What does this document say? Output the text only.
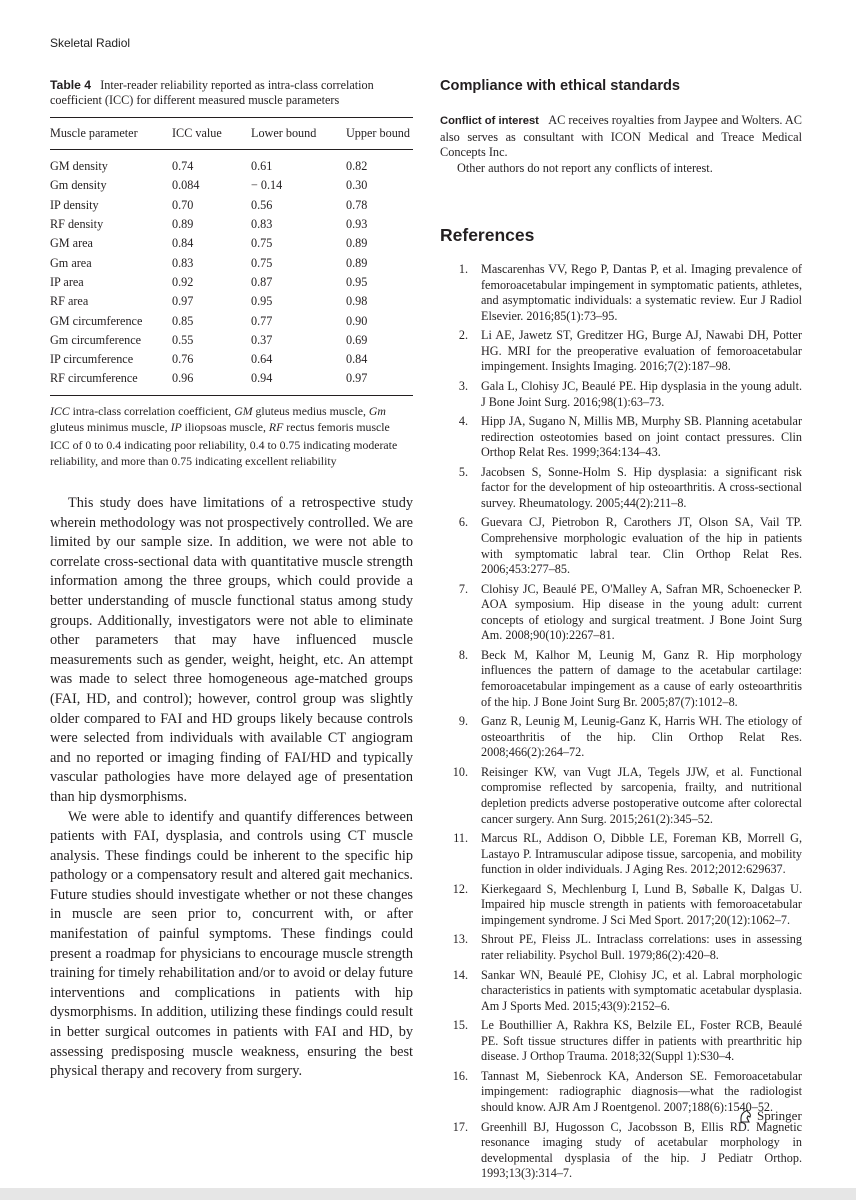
Skeletal Radiol
Table 4 Inter-reader reliability reported as intra-class correlation coefficient (ICC) for different measured muscle parameters
Muscle parameter	ICC value	Lower bound	Upper bound
GM density	0.74	0.61	0.82
Gm density	0.084	− 0.14	0.30
IP density	0.70	0.56	0.78
RF density	0.89	0.83	0.93
GM area	0.84	0.75	0.89
Gm area	0.83	0.75	0.89
IP area	0.92	0.87	0.95
RF area	0.97	0.95	0.98
GM circumference	0.85	0.77	0.90
Gm circumference	0.55	0.37	0.69
IP circumference	0.76	0.64	0.84
RF circumference	0.96	0.94	0.97
ICC intra-class correlation coefficient, GM gluteus medius muscle, Gm gluteus minimus muscle, IP iliopsoas muscle, RF rectus femoris muscle
ICC of 0 to 0.4 indicating poor reliability, 0.4 to 0.75 indicating moderate reliability, and more than 0.75 indicating excellent reliability

This study does have limitations of a retrospective study wherein methodology was not prospectively controlled. We are limited by our sample size. In addition, we were not able to correlate cross-sectional data with quantitative muscle strength information among the three groups, which could provide a better understanding of muscle functional status among study groups. Additionally, investigators were not able to eliminate other parameters that may have influenced muscle measurements such as gender, weight, height, etc. An attempt was made to select three homogeneous age-matched groups (FAI, HD, and control); however, control group was slightly older compared to FAI and HD groups likely because controls were selected from individuals with available CT angiogram and no reported or imaging finding of FAI/HD and typically vascular pathologies have more delayed age of presentation than hip dysmorphisms.

We were able to identify and quantify differences between patients with FAI, dysplasia, and controls using CT muscle analysis. These findings could be inherent to the specific hip pathology or a compensatory result and altered gait mechanics. Future studies should investigate whether or not these changes in muscle are seen prior to, concurrent with, or after manifestation of painful symptoms. These findings could present a roadmap for physicians to encourage muscle strength training for timely rehabilitation and/or to avoid or delay future interventions and complications in patients with hip dysmorphisms. In addition, utilizing these findings could result in better surgical outcomes in patients with FAI and HD, by assessing predisposing muscle weakness, ensuring the best physical therapy and recovery from surgery.

Compliance with ethical standards

Conflict of interest AC receives royalties from Jaypee and Wolters. AC also serves as consultant with ICON Medical and Treace Medical Concepts Inc.

Other authors do not report any conflicts of interest.

References
1. Mascarenhas VV, Rego P, Dantas P, et al. Imaging prevalence of femoroacetabular impingement in symptomatic patients, athletes, and asymptomatic individuals: a systematic review. Eur J Radiol Elsevier. 2016;85(1):73–95.
2. Li AE, Jawetz ST, Greditzer HG, Burge AJ, Nawabi DH, Potter HG. MRI for the preoperative evaluation of femoroacetabular impingement. Insights Imaging. 2016;7(2):187–98.
3. Gala L, Clohisy JC, Beaulé PE. Hip dysplasia in the young adult. J Bone Joint Surg. 2016;98(1):63–73.
4. Hipp JA, Sugano N, Millis MB, Murphy SB. Planning acetabular redirection osteotomies based on joint contact pressures. Clin Orthop Relat Res. 1999;364:134–43.
5. Jacobsen S, Sonne-Holm S. Hip dysplasia: a significant risk factor for the development of hip osteoarthritis. A cross-sectional survey. Rheumatology. 2005;44(2):211–8.
6. Guevara CJ, Pietrobon R, Carothers JT, Olson SA, Vail TP. Comprehensive morphologic evaluation of the hip in patients with symptomatic labral tear. Clin Orthop Relat Res. 2006;453:277–85.
7. Clohisy JC, Beaulé PE, O'Malley A, Safran MR, Schoenecker P. AOA symposium. Hip disease in the young adult: current concepts of etiology and surgical treatment. J Bone Joint Surg Am. 2008;90(10):2267–81.
8. Beck M, Kalhor M, Leunig M, Ganz R. Hip morphology influences the pattern of damage to the acetabular cartilage: femoroacetabular impingement as a cause of early osteoarthritis of the hip. J Bone Joint Surg Br. 2005;87(7):1012–8.
9. Ganz R, Leunig M, Leunig-Ganz K, Harris WH. The etiology of osteoarthritis of the hip. Clin Orthop Relat Res. 2008;466(2):264–72.
10. Reisinger KW, van Vugt JLA, Tegels JJW, et al. Functional compromise reflected by sarcopenia, frailty, and nutritional depletion predicts adverse postoperative outcome after colorectal cancer surgery. Ann Surg. 2015;261(2):345–52.
11. Marcus RL, Addison O, Dibble LE, Foreman KB, Morrell G, Lastayo P. Intramuscular adipose tissue, sarcopenia, and mobility function in older individuals. J Aging Res. 2012;2012:629637.
12. Kierkegaard S, Mechlenburg I, Lund B, Søballe K, Dalgas U. Impaired hip muscle strength in patients with femoroacetabular impingement syndrome. J Sci Med Sport. 2017;20(12):1062–7.
13. Shrout PE, Fleiss JL. Intraclass correlations: uses in assessing rater reliability. Psychol Bull. 1979;86(2):420–8.
14. Sankar WN, Beaulé PE, Clohisy JC, et al. Labral morphologic characteristics in patients with symptomatic acetabular dysplasia. Am J Sports Med. 2015;43(9):2152–6.
15. Le Bouthillier A, Rakhra KS, Belzile EL, Foster RCB, Beaulé PE. Soft tissue structures differ in patients with prearthritic hip disease. J Orthop Trauma. 2018;32(Suppl 1):S30–4.
16. Tannast M, Siebenrock KA, Anderson SE. Femoroacetabular impingement: radiographic diagnosis—what the radiologist should know. AJR Am J Roentgenol. 2007;188(6):1540–52.
17. Greenhill BJ, Hugosson C, Jacobsson B, Ellis RD. Magnetic resonance imaging study of acetabular morphology in developmental dysplasia of the hip. J Pediatr Orthop. 1993;13(3):314–7.
Springer
